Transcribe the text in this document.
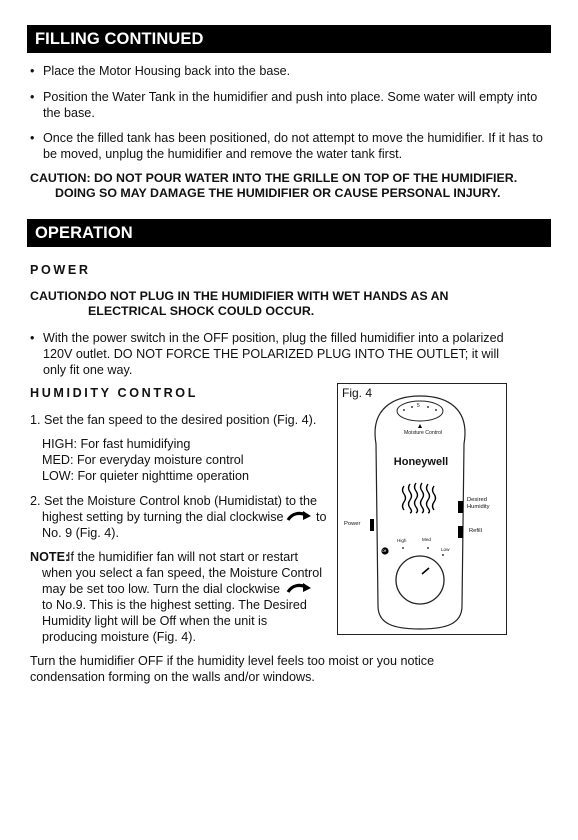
FILLING CONTINUED
• Place the Motor Housing back into the base.
• Position the Water Tank in the humidifier and push into place. Some water will empty into the base.
• Once the filled tank has been positioned, do not attempt to move the humidifier. If it has to be moved, unplug the humidifier and remove the water tank first.
CAUTION: DO NOT POUR WATER INTO THE GRILLE ON TOP OF THE HUMIDIFIER.
DOING SO MAY DAMAGE THE HUMIDIFIER OR CAUSE PERSONAL INJURY.
OPERATION
POWER
CAUTION:
DO NOT PLUG IN THE HUMIDIFIER WITH WET HANDS AS AN
ELECTRICAL SHOCK COULD OCCUR.
• With the power switch in the OFF position, plug the filled humidifier into a polarized 120V outlet. DO NOT FORCE THE POLARIZED PLUG INTO THE OUTLET; it will only fit one way.
HUMIDITY CONTROL
1. Set the fan speed to the desired position (Fig. 4).
HIGH: For fast humidifying
MED: For everyday moisture control
LOW: For quieter nighttime operation
2. Set the Moisture Control knob (Humidistat) to the
highest setting by turning the dial clockwise	to
No. 9 (Fig. 4).
NOTE:
If the humidifier fan will not start or restart
when you select a fan speed, the Moisture Control
may be set too low. Turn the dial clockwise
to No.9. This is the highest setting. The Desired
Humidity light will be Off when the unit is
producing moisture (Fig. 4).
Turn the humidifier OFF if the humidity level feels too moist or you notice
condensation forming on the walls and/or windows.
Fig. 4
5
Moisture Control
Honeywell
Desired
Humidity
Refill
Power
High	Med
Low
Off
